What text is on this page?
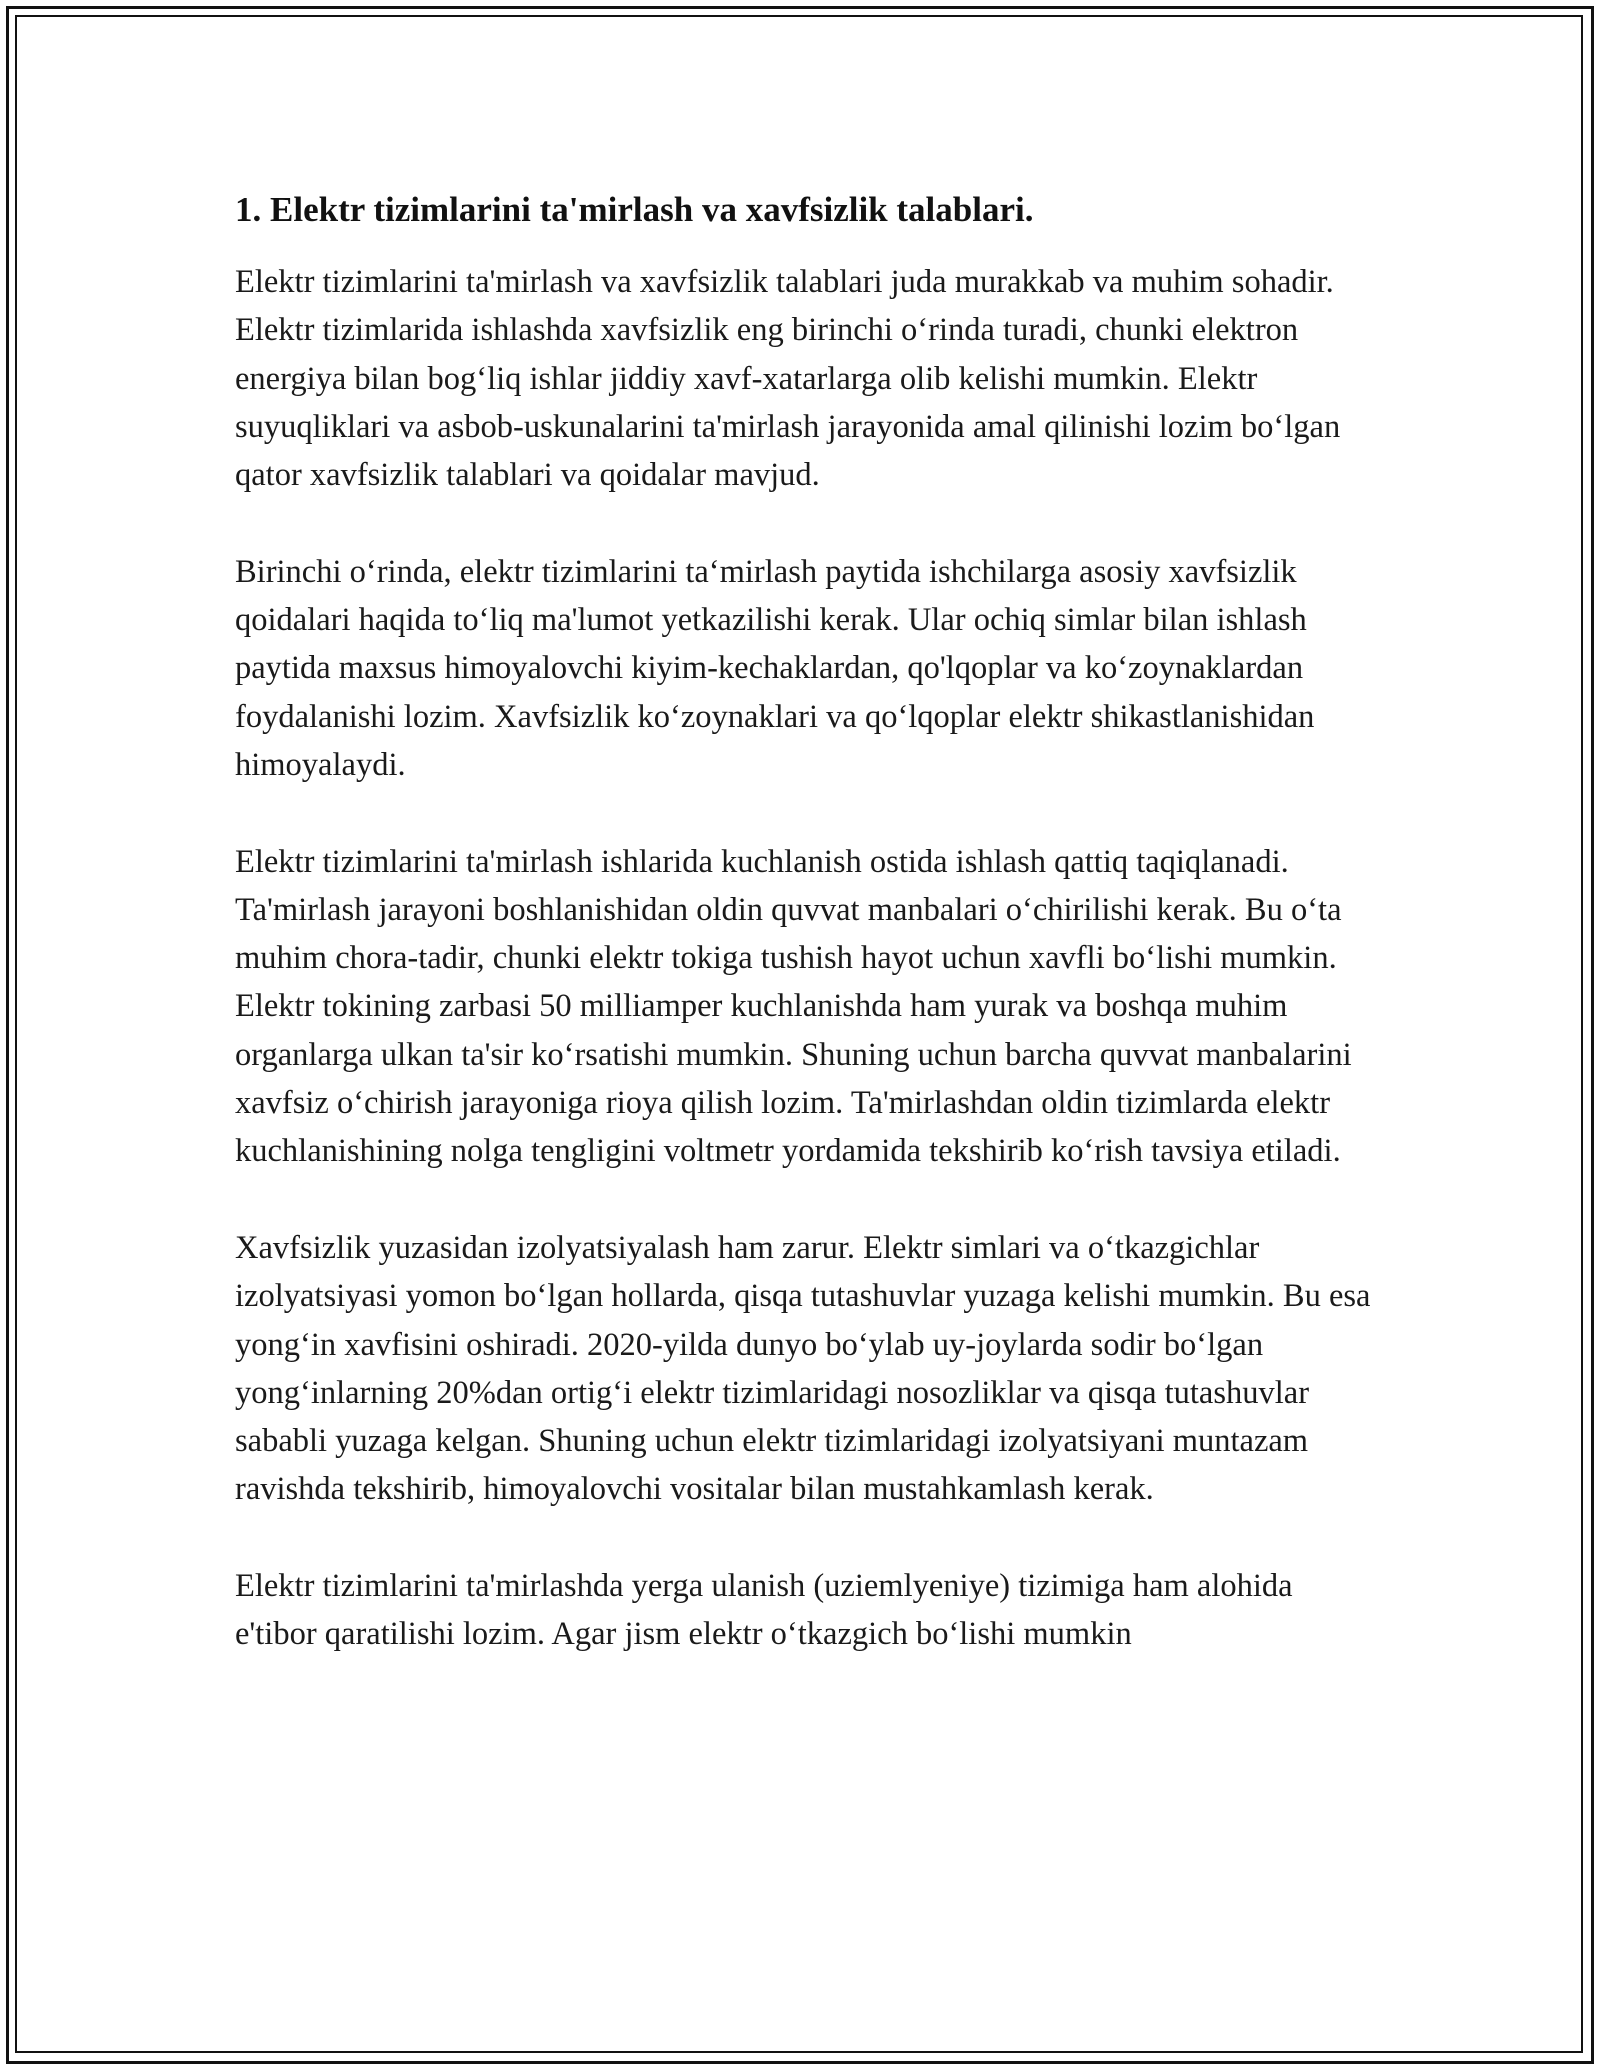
1. Elektr tizimlarini ta'mirlash va xavfsizlik talablari.

Elektr tizimlarini ta'mirlash va xavfsizlik talablari juda murakkab va muhim sohadir. Elektr tizimlarida ishlashda xavfsizlik eng birinchi oʻrinda turadi, chunki elektron energiya bilan bogʻliq ishlar jiddiy xavf-xatarlarga olib kelishi mumkin. Elektr suyuqliklari va asbob-uskunalarini ta'mirlash jarayonida amal qilinishi lozim boʻlgan qator xavfsizlik talablari va qoidalar mavjud.

Birinchi oʻrinda, elektr tizimlarini taʻmirlash paytida ishchilarga asosiy xavfsizlik qoidalari haqida toʻliq ma'lumot yetkazilishi kerak. Ular ochiq simlar bilan ishlash paytida maxsus himoyalovchi kiyim-kechaklardan, qo'lqoplar va koʻzoynaklardan foydalanishi lozim. Xavfsizlik koʻzoynaklari va qoʻlqoplar elektr shikastlanishidan himoyalaydi.

Elektr tizimlarini ta'mirlash ishlarida kuchlanish ostida ishlash qattiq taqiqlanadi. Ta'mirlash jarayoni boshlanishidan oldin quvvat manbalari oʻchirilishi kerak. Bu oʻta muhim chora-tadir, chunki elektr tokiga tushish hayot uchun xavfli boʻlishi mumkin. Elektr tokining zarbasi 50 milliamper kuchlanishda ham yurak va boshqa muhim organlarga ulkan ta'sir koʻrsatishi mumkin. Shuning uchun barcha quvvat manbalarini xavfsiz oʻchirish jarayoniga rioya qilish lozim. Ta'mirlashdan oldin tizimlarda elektr kuchlanishining nolga tengligini voltmetr yordamida tekshirib koʻrish tavsiya etiladi.

Xavfsizlik yuzasidan izolyatsiyalash ham zarur. Elektr simlari va oʻtkazgichlar izolyatsiyasi yomon boʻlgan hollarda, qisqa tutashuvlar yuzaga kelishi mumkin. Bu esa yongʻin xavfisini oshiradi. 2020-yilda dunyo boʻylab uy-joylarda sodir boʻlgan yongʻinlarning 20%dan ortigʻi elektr tizimlaridagi nosozliklar va qisqa tutashuvlar sababli yuzaga kelgan. Shuning uchun elektr tizimlaridagi izolyatsiyani muntazam ravishda tekshirib, himoyalovchi vositalar bilan mustahkamlash kerak.

Elektr tizimlarini ta'mirlashda yerga ulanish (uziemlyeniye) tizimiga ham alohida e'tibor qaratilishi lozim. Agar jism elektr oʻtkazgich boʻlishi mumkin
